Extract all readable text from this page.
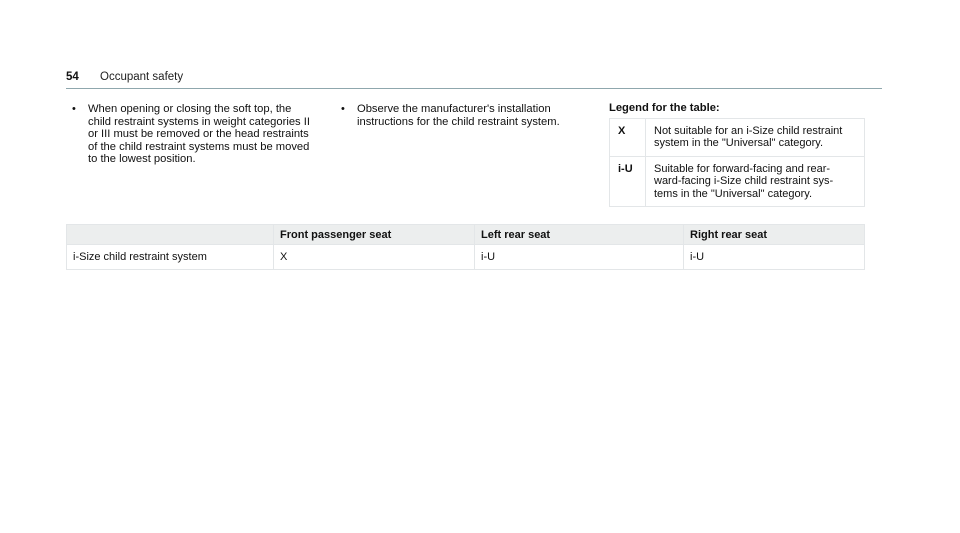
54 Occupant safety
• When opening or closing the soft top, the
child restraint systems in weight categories II
or III must be removed or the head restraints
of the child restraint systems must be moved
to the lowest position.
• Observe the manufacturer's installation
instructions for the child restraint system.
Legend for the table:
X	Not suitable for an i-Size child restraint
system in the "Universal" category.
i-U	Suitable for forward-facing and rear-
ward-facing i-Size child restraint sys-
tems in the "Universal" category.
	Front passenger seat	Left rear seat	Right rear seat
i-Size child restraint system	X	i-U	i-U
